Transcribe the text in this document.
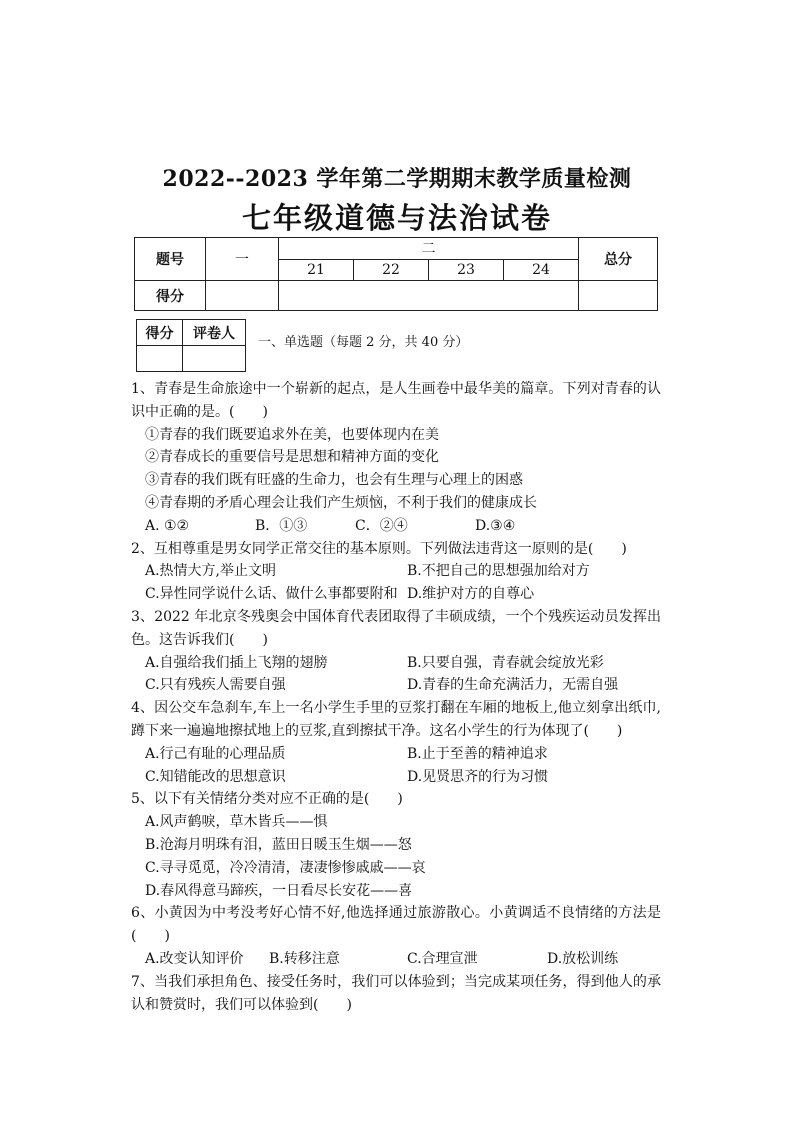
2022--2023 学年第二学期期末教学质量检测
七年级道德与法治试卷
题号	一	二				总分
		21	22	23	24	
得分						
得分	评卷人

一、单选题（每题 2 分，共 40 分）

1、青春是生命旅途中一个崭新的起点，是人生画卷中最华美的篇章。下列对青春的认识中正确的是。(　　)

①青春的我们既要追求外在美，也要体现内在美
②青春成长的重要信号是思想和精神方面的变化
③青春的我们既有旺盛的生命力，也会有生理与心理上的困惑
④青春期的矛盾心理会让我们产生烦恼，不利于我们的健康成长
A. ①②	B．①③	C．②④	D.③④

2、互相尊重是男女同学正常交往的基本原则。下列做法违背这一原则的是(　　)

A.热情大方,举止文明	B.不把自己的思想强加给对方
C.异性同学说什么话、做什么事都要附和 D.维护对方的自尊心

3、2022 年北京冬残奥会中国体育代表团取得了丰硕成绩，一个个残疾运动员发挥出色。这告诉我们(　　)

A.自强给我们插上飞翔的翅膀	B.只要自强，青春就会绽放光彩
C.只有残疾人需要自强	D.青春的生命充满活力，无需自强

4、因公交车急刹车,车上一名小学生手里的豆浆打翻在车厢的地板上,他立刻拿出纸巾,蹲下来一遍遍地擦拭地上的豆浆,直到擦拭干净。这名小学生的行为体现了(　　)

A.行己有耻的心理品质	B.止于至善的精神追求
C.知错能改的思想意识	D.见贤思齐的行为习惯

5、以下有关情绪分类对应不正确的是(　　)

A.风声鹤唳，草木皆兵——惧
B.沧海月明珠有泪，蓝田日暖玉生烟——怒
C.寻寻觅觅，冷冷清清，凄凄惨惨戚戚——哀
D.春风得意马蹄疾，一日看尽长安花——喜

6、小黄因为中考没考好心情不好,他选择通过旅游散心。小黄调适不良情绪的方法是(　　)

A.改变认知评价	B.转移注意	C.合理宣泄	D.放松训练

7、当我们承担角色、接受任务时，我们可以体验到；当完成某项任务，得到他人的承认和赞赏时，我们可以体验到(　　)
